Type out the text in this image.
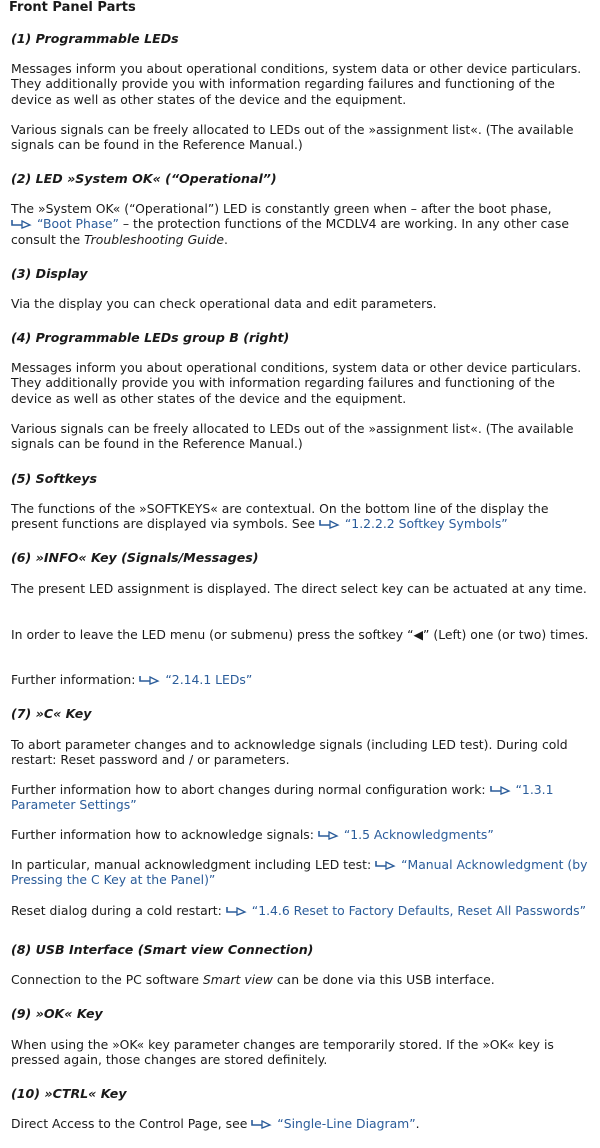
Front Panel Parts
(1) Programmable LEDs
Messages inform you about operational conditions, system data or other device particulars. They additionally provide you with information regarding failures and functioning of the device as well as other states of the device and the equipment.
Various signals can be freely allocated to LEDs out of the »assignment list«. (The available signals can be found in the Reference Manual.)
(2) LED »System OK« (“Operational”)
The »System OK« (“Operational”) LED is constantly green when – after the boot phase,
“Boot Phase” – the protection functions of the MCDLV4 are working. In any other case consult the Troubleshooting Guide.
(3) Display
Via the display you can check operational data and edit parameters.
(4) Programmable LEDs group B (right)
Messages inform you about operational conditions, system data or other device particulars. They additionally provide you with information regarding failures and functioning of the device as well as other states of the device and the equipment.
Various signals can be freely allocated to LEDs out of the »assignment list«. (The available signals can be found in the Reference Manual.)
(5) Softkeys
The functions of the »SOFTKEYS« are contextual. On the bottom line of the display the present functions are displayed via symbols. See “1.2.2.2 Softkey Symbols”
(6) »INFO« Key (Signals/Messages)
The present LED assignment is displayed. The direct select key can be actuated at any time.
In order to leave the LED menu (or submenu) press the softkey “◀” (Left) one (or two) times.
Further information: “2.14.1 LEDs”
(7) »C« Key
To abort parameter changes and to acknowledge signals (including LED test). During cold restart: Reset password and / or parameters.
Further information how to abort changes during normal configuration work: “1.3.1 Parameter Settings”
Further information how to acknowledge signals: “1.5 Acknowledgments”
In particular, manual acknowledgment including LED test: “Manual Acknowledgment (by Pressing the C Key at the Panel)”
Reset dialog during a cold restart: “1.4.6 Reset to Factory Defaults, Reset All Passwords”
(8) USB Interface (Smart view Connection)
Connection to the PC software Smart view can be done via this USB interface.
(9) »OK« Key
When using the »OK« key parameter changes are temporarily stored. If the »OK« key is pressed again, those changes are stored definitely.
(10) »CTRL« Key
Direct Access to the Control Page, see “Single-Line Diagram”.
